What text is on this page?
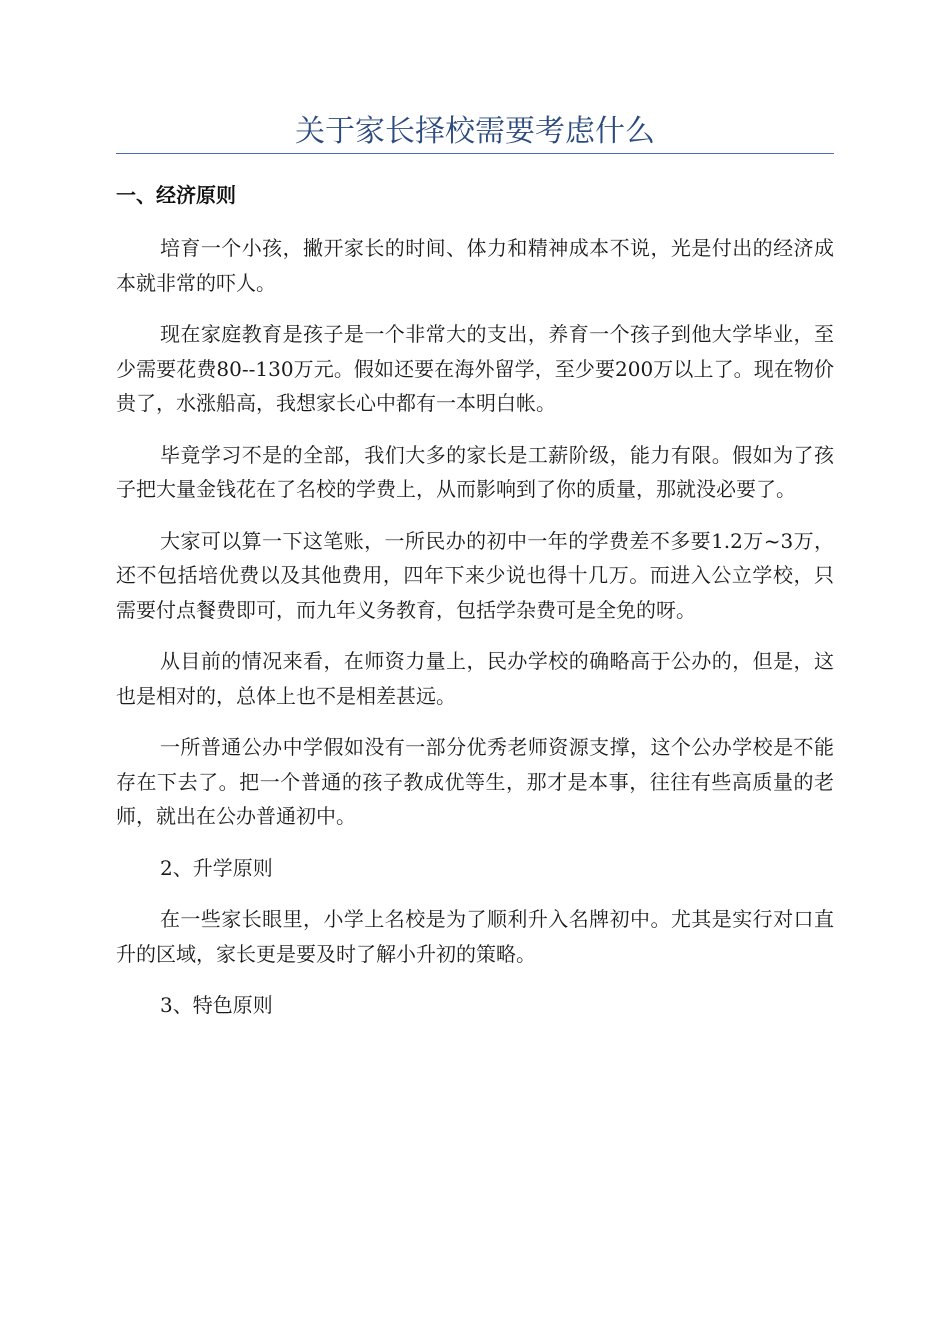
关于家长择校需要考虑什么
一、经济原则

培育一个小孩，撇开家长的时间、体力和精神成本不说，光是付出的经济成本就非常的吓人。

现在家庭教育是孩子是一个非常大的支出，养育一个孩子到他大学毕业，至少需要花费80--130万元。假如还要在海外留学，至少要200万以上了。现在物价贵了，水涨船高，我想家长心中都有一本明白帐。

毕竟学习不是的全部，我们大多的家长是工薪阶级，能力有限。假如为了孩子把大量金钱花在了名校的学费上，从而影响到了你的质量，那就没必要了。

大家可以算一下这笔账，一所民办的初中一年的学费差不多要1.2万~3万，还不包括培优费以及其他费用，四年下来少说也得十几万。而进入公立学校，只需要付点餐费即可，而九年义务教育，包括学杂费可是全免的呀。

从目前的情况来看，在师资力量上，民办学校的确略高于公办的，但是，这也是相对的，总体上也不是相差甚远。

一所普通公办中学假如没有一部分优秀老师资源支撑，这个公办学校是不能存在下去了。把一个普通的孩子教成优等生，那才是本事，往往有些高质量的老师，就出在公办普通初中。

2、升学原则

在一些家长眼里，小学上名校是为了顺利升入名牌初中。尤其是实行对口直升的区域，家长更是要及时了解小升初的策略。

3、特色原则
